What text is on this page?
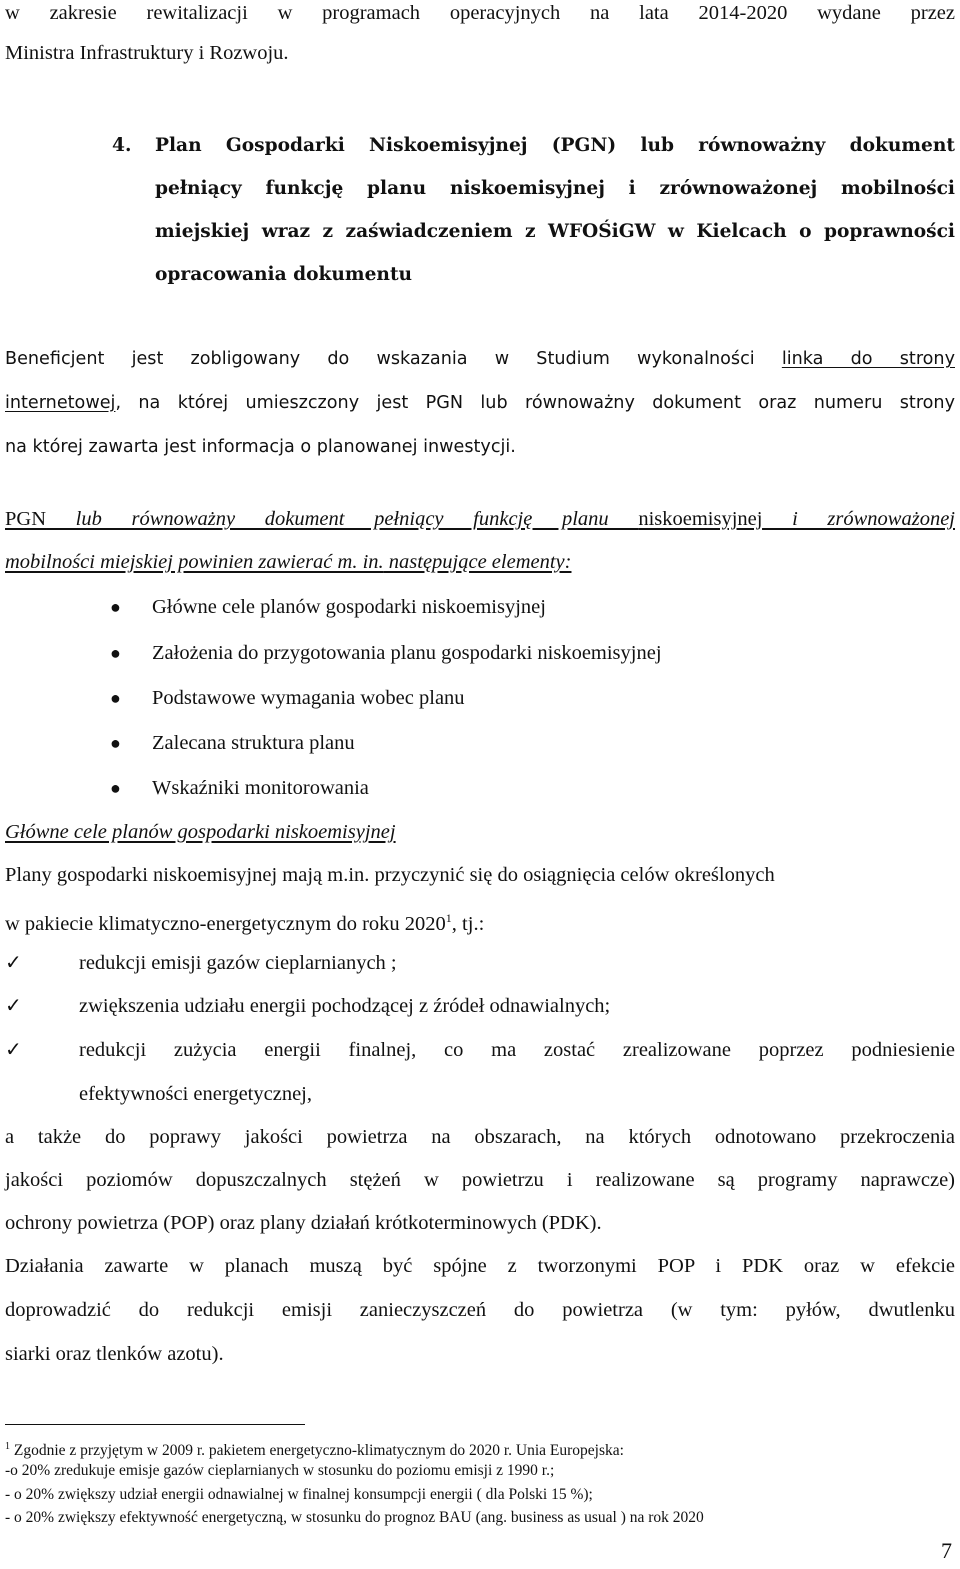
w zakresie rewitalizacji w programach operacyjnych na lata 2014-2020 wydane przez
Ministra Infrastruktury i Rozwoju.
4. Plan Gospodarki Niskoemisyjnej (PGN) lub równoważny dokument
pełniący funkcję planu niskoemisyjnej i zrównoważonej mobilności
miejskiej wraz z zaświadczeniem z WFOŚiGW w Kielcach o poprawności
opracowania dokumentu
Beneficjent jest zobligowany do wskazania w Studium wykonalności linka do strony
internetowej, na której umieszczony jest PGN lub równoważny dokument oraz numeru strony
na której zawarta jest informacja o planowanej inwestycji.
PGN lub równoważny dokument pełniący funkcję planu niskoemisyjnej i zrównoważonej
mobilności miejskiej powinien zawierać m. in. następujące elementy:
● Główne cele planów gospodarki niskoemisyjnej
● Założenia do przygotowania planu gospodarki niskoemisyjnej
● Podstawowe wymagania wobec planu
● Zalecana struktura planu
● Wskaźniki monitorowania
Główne cele planów gospodarki niskoemisyjnej
Plany gospodarki niskoemisyjnej mają m.in. przyczynić się do osiągnięcia celów określonych
w pakiecie klimatyczno-energetycznym do roku 2020$^1$, tj.:
✓	redukcji emisji gazów cieplarnianych ;
✓	zwiększenia udziału energii pochodzącej z źródeł odnawialnych;
✓	redukcji zużycia energii finalnej, co ma zostać zrealizowane poprzez podniesienie
efektywności energetycznej,
a także do poprawy jakości powietrza na obszarach, na których odnotowano przekroczenia
jakości poziomów dopuszczalnych stężeń w powietrzu i realizowane są programy naprawcze)
ochrony powietrza (POP) oraz plany działań krótkoterminowych (PDK).
Działania zawarte w planach muszą być spójne z tworzonymi POP i PDK oraz w efekcie
doprowadzić do redukcji emisji zanieczyszczeń do powietrza (w tym: pyłów, dwutlenku
siarki oraz tlenków azotu).
$^1$ Zgodnie z przyjętym w 2009 r. pakietem energetyczno-klimatycznym do 2020 r. Unia Europejska:
-o 20% zredukuje emisje gazów cieplarnianych w stosunku do poziomu emisji z 1990 r.;
- o 20% zwiększy udział energii odnawialnej w finalnej konsumpcji energii ( dla Polski 15 %);
- o 20% zwiększy efektywność energetyczną, w stosunku do prognoz BAU (ang. business as usual ) na rok 2020
7
